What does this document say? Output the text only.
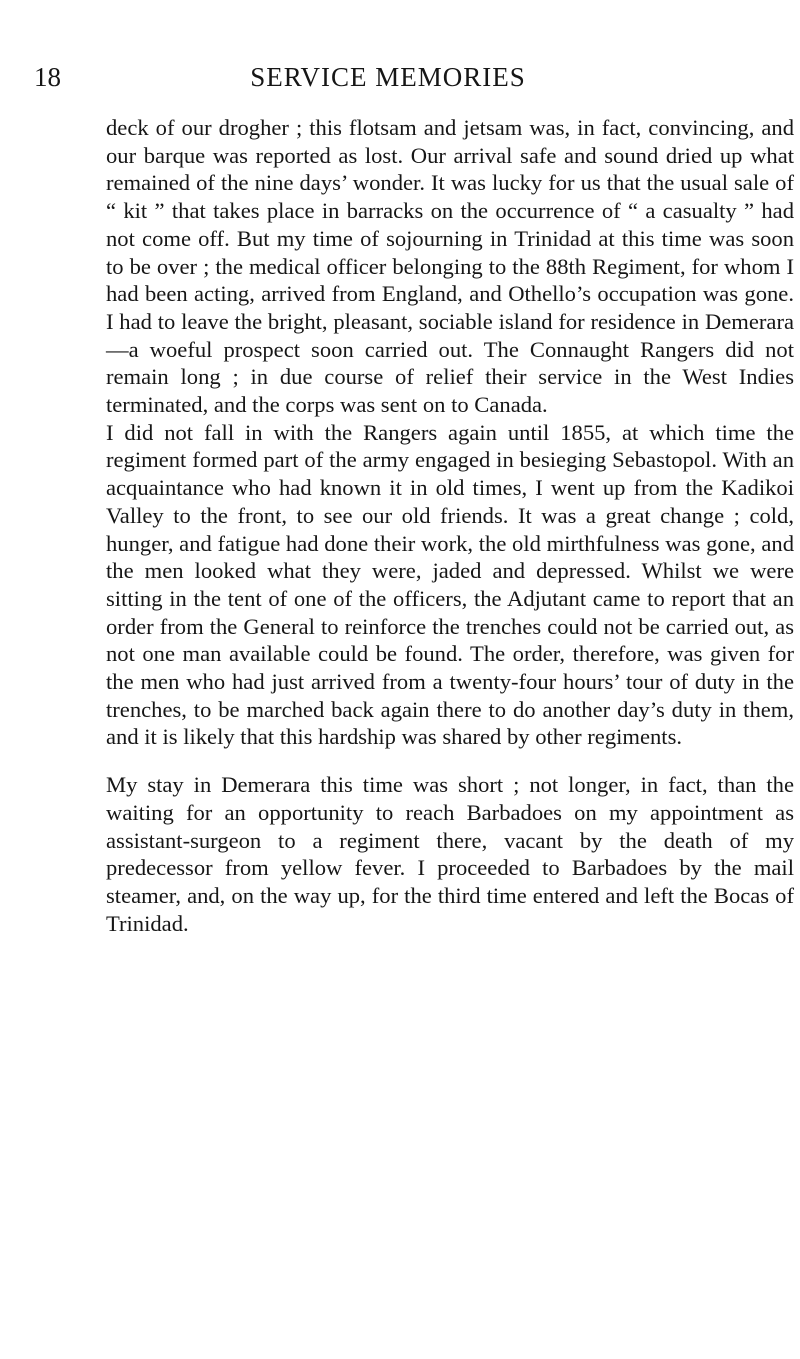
18	SERVICE MEMORIES

deck of our drogher ; this flotsam and jetsam was, in fact, convincing, and our barque was reported as lost. Our arrival safe and sound dried up what remained of the nine days’ wonder. It was lucky for us that the usual sale of “ kit ” that takes place in barracks on the occurrence of “ a casualty ” had not come off. But my time of sojourning in Trinidad at this time was soon to be over ; the medical officer belonging to the 88th Regiment, for whom I had been acting, arrived from England, and Othello’s occupation was gone. I had to leave the bright, pleasant, sociable island for residence in Demerara—a woeful prospect soon carried out. The Connaught Rangers did not remain long ; in due course of relief their service in the West Indies terminated, and the corps was sent on to Canada.

I did not fall in with the Rangers again until 1855, at which time the regiment formed part of the army engaged in besieging Sebastopol. With an acquaintance who had known it in old times, I went up from the Kadikoi Valley to the front, to see our old friends. It was a great change ; cold, hunger, and fatigue had done their work, the old mirthfulness was gone, and the men looked what they were, jaded and depressed. Whilst we were sitting in the tent of one of the officers, the Adjutant came to report that an order from the General to reinforce the trenches could not be carried out, as not one man available could be found. The order, therefore, was given for the men who had just arrived from a twenty-four hours’ tour of duty in the trenches, to be marched back again there to do another day’s duty in them, and it is likely that this hardship was shared by other regiments.

My stay in Demerara this time was short ; not longer, in fact, than the waiting for an opportunity to reach Barbadoes on my appointment as assistant-surgeon to a regiment there, vacant by the death of my predecessor from yellow fever. I proceeded to Barbadoes by the mail steamer, and, on the way up, for the third time entered and left the Bocas of Trinidad.
